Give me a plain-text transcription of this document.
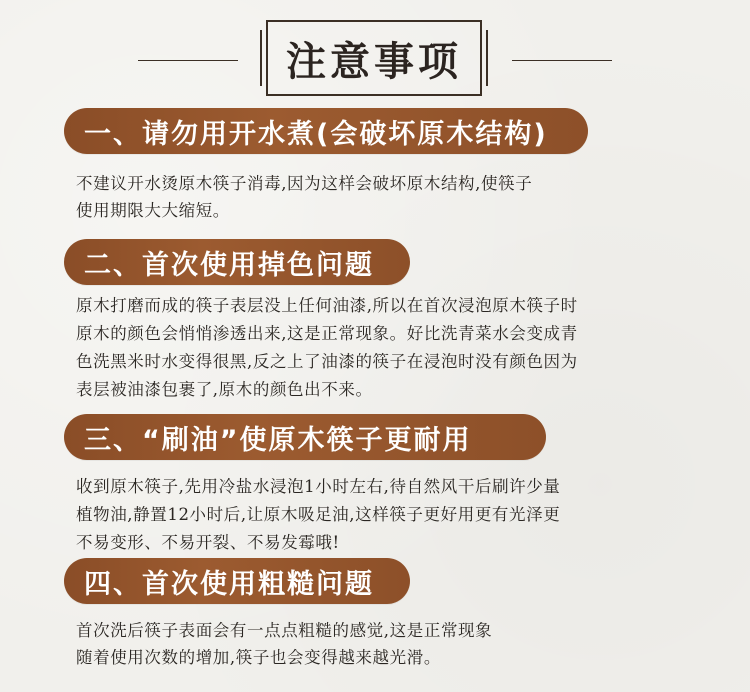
注意事项
一、请勿用开水煮(会破坏原木结构)
不建议开水烫原木筷子消毒,因为这样会破坏原木结构,使筷子
使用期限大大缩短。
二、首次使用掉色问题
原木打磨而成的筷子表层没上任何油漆,所以在首次浸泡原木筷子时
原木的颜色会悄悄渗透出来,这是正常现象。好比洗青菜水会变成青
色洗黑米时水变得很黑,反之上了油漆的筷子在浸泡时没有颜色因为
表层被油漆包裹了,原木的颜色出不来。
三、“刷油”使原木筷子更耐用
收到原木筷子,先用冷盐水浸泡1小时左右,待自然风干后刷许少量
植物油,静置12小时后,让原木吸足油,这样筷子更好用更有光泽更
不易变形、不易开裂、不易发霉哦!
四、首次使用粗糙问题
首次洗后筷子表面会有一点点粗糙的感觉,这是正常现象
随着使用次数的增加,筷子也会变得越来越光滑。
